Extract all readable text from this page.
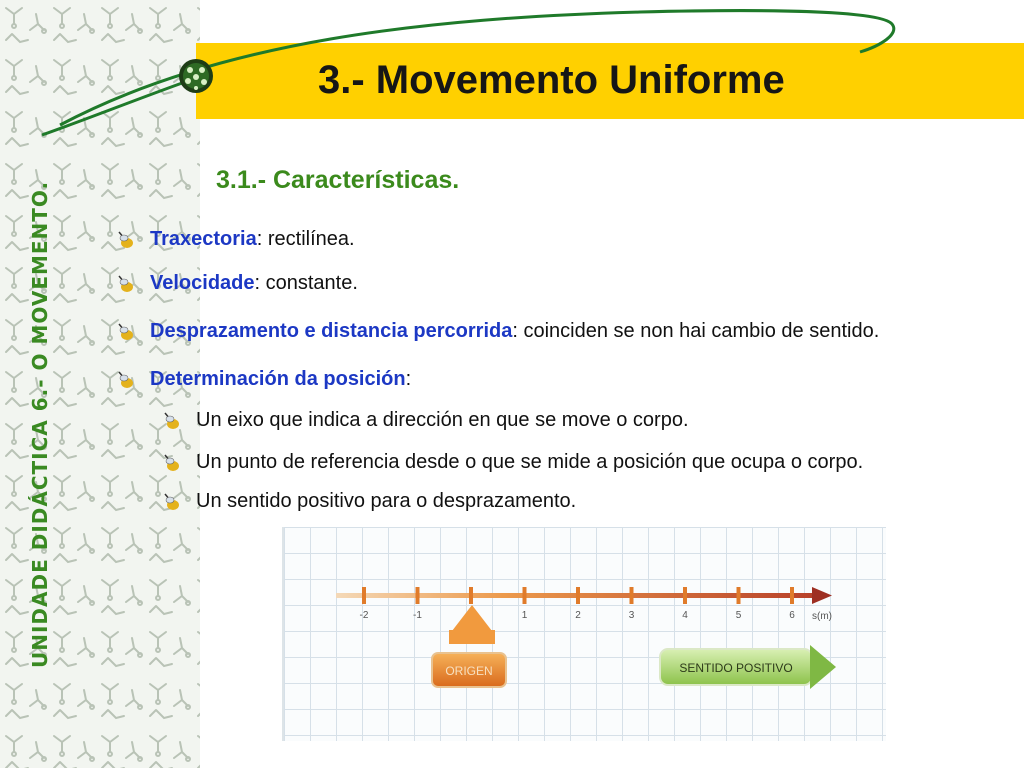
UNIDADE DIDÁCTICA 6.- O MOVEMENTO.
3.- Movemento Uniforme
3.1.- Características.
Traxectoria: rectilínea.
Velocidade: constante.
Desprazamento e distancia percorrida: coinciden se non hai cambio de sentido.
Determinación da posición:
Un eixo que indica a dirección en que se move o corpo.
Un punto de referencia desde o que se mide a posición que ocupa o corpo.
Un sentido positivo para o desprazamento.
-2	-1	1	2	3	4	5	6 s(m)
ORIGEN	SENTIDO POSITIVO
